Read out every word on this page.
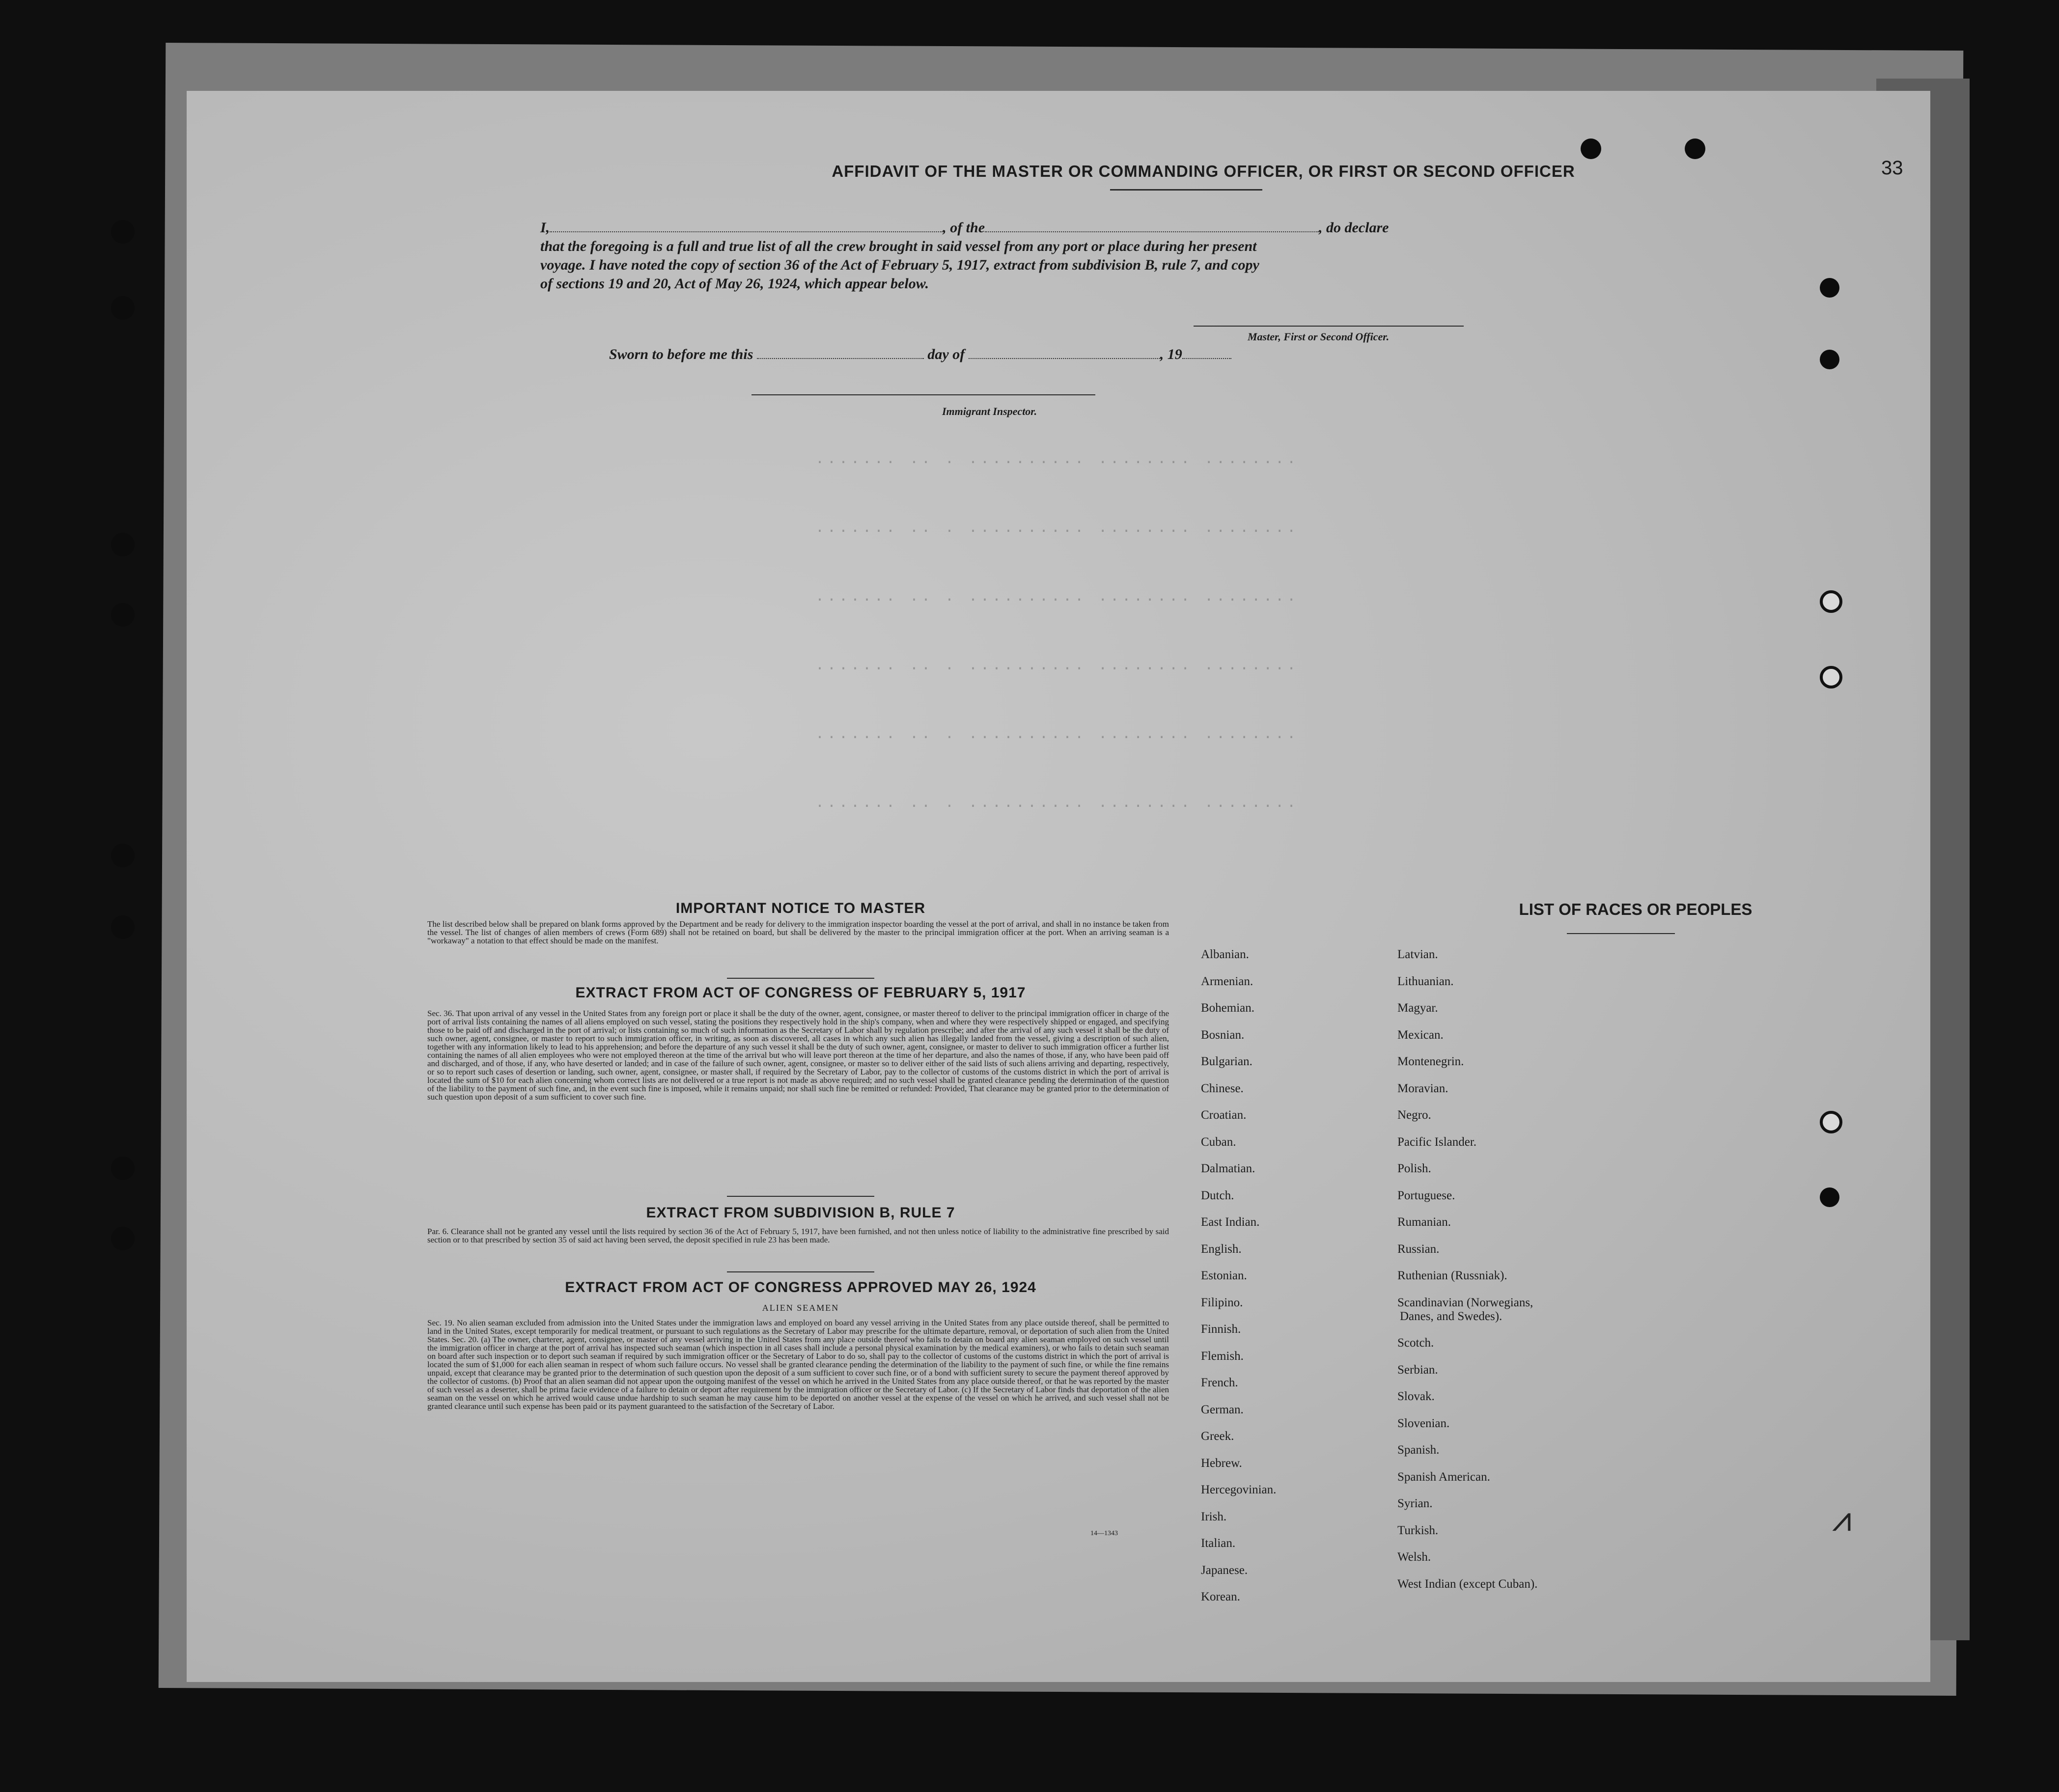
······· ·· · ·········· ········ ········
······· ·· · ·········· ········ ········
······· ·· · ·········· ········ ········
······· ·· · ·········· ········ ········
······· ·· · ·········· ········ ········
······· ·· · ·········· ········ ········
AFFIDAVIT OF THE MASTER OR COMMANDING OFFICER, OR FIRST OR SECOND OFFICER
I,	, of the	, do declare
that the foregoing is a full and true list of all the crew brought in said vessel from any port or place during her present
voyage. I have noted the copy of section 36 of the Act of February 5, 1917, extract from subdivision B, rule 7, and copy
of sections 19 and 20, Act of May 26, 1924, which appear below.
Master, First or Second Officer.
Sworn to before me this	day of	, 19
Immigrant Inspector.
IMPORTANT NOTICE TO MASTER
The list described below shall be prepared on blank forms approved by the Department and be ready for delivery to the immigration inspector boarding the vessel at the port of arrival, and shall in no instance be taken from the vessel. The list of changes of alien members of crews (Form 689) shall not be retained on board, but shall be delivered by the master to the principal immigration officer at the port. When an arriving seaman is a "workaway" a notation to that effect should be made on the manifest.
EXTRACT FROM ACT OF CONGRESS OF FEBRUARY 5, 1917
Sec. 36. That upon arrival of any vessel in the United States from any foreign port or place it shall be the duty of the owner, agent, consignee, or master thereof to deliver to the principal immigration officer in charge of the port of arrival lists containing the names of all aliens employed on such vessel, stating the positions they respectively hold in the ship's company, when and where they were respectively shipped or engaged, and specifying those to be paid off and discharged in the port of arrival; or lists containing so much of such information as the Secretary of Labor shall by regulation prescribe; and after the arrival of any such vessel it shall be the duty of such owner, agent, consignee, or master to report to such immigration officer, in writing, as soon as discovered, all cases in which any such alien has illegally landed from the vessel, giving a description of such alien, together with any information likely to lead to his apprehension; and before the departure of any such vessel it shall be the duty of such owner, agent, consignee, or master to deliver to such immigration officer a further list containing the names of all alien employees who were not employed thereon at the time of the arrival but who will leave port thereon at the time of her departure, and also the names of those, if any, who have been paid off and discharged, and of those, if any, who have deserted or landed; and in case of the failure of such owner, agent, consignee, or master so to deliver either of the said lists of such aliens arriving and departing, respectively, or so to report such cases of desertion or landing, such owner, agent, consignee, or master shall, if required by the Secretary of Labor, pay to the collector of customs of the customs district in which the port of arrival is located the sum of $10 for each alien concerning whom correct lists are not delivered or a true report is not made as above required; and no such vessel shall be granted clearance pending the determination of the question of the liability to the payment of such fine, and, in the event such fine is imposed, while it remains unpaid; nor shall such fine be remitted or refunded: Provided, That clearance may be granted prior to the determination of such question upon deposit of a sum sufficient to cover such fine.
EXTRACT FROM SUBDIVISION B, RULE 7
Par. 6. Clearance shall not be granted any vessel until the lists required by section 36 of the Act of February 5, 1917, have been furnished, and not then unless notice of liability to the administrative fine prescribed by said section or to that prescribed by section 35 of said act having been served, the deposit specified in rule 23 has been made.
EXTRACT FROM ACT OF CONGRESS APPROVED MAY 26, 1924
ALIEN SEAMEN
Sec. 19. No alien seaman excluded from admission into the United States under the immigration laws and employed on board any vessel arriving in the United States from any place outside thereof, shall be permitted to land in the United States, except temporarily for medical treatment, or pursuant to such regulations as the Secretary of Labor may prescribe for the ultimate departure, removal, or deportation of such alien from the United States. Sec. 20. (a) The owner, charterer, agent, consignee, or master of any vessel arriving in the United States from any place outside thereof who fails to detain on board any alien seaman employed on such vessel until the immigration officer in charge at the port of arrival has inspected such seaman (which inspection in all cases shall include a personal physical examination by the medical examiners), or who fails to detain such seaman on board after such inspection or to deport such seaman if required by such immigration officer or the Secretary of Labor to do so, shall pay to the collector of customs of the customs district in which the port of arrival is located the sum of $1,000 for each alien seaman in respect of whom such failure occurs. No vessel shall be granted clearance pending the determination of the liability to the payment of such fine, or while the fine remains unpaid, except that clearance may be granted prior to the determination of such question upon the deposit of a sum sufficient to cover such fine, or of a bond with sufficient surety to secure the payment thereof approved by the collector of customs. (b) Proof that an alien seaman did not appear upon the outgoing manifest of the vessel on which he arrived in the United States from any place outside thereof, or that he was reported by the master of such vessel as a deserter, shall be prima facie evidence of a failure to detain or deport after requirement by the immigration officer or the Secretary of Labor. (c) If the Secretary of Labor finds that deportation of the alien seaman on the vessel on which he arrived would cause undue hardship to such seaman he may cause him to be deported on another vessel at the expense of the vessel on which he arrived, and such vessel shall not be granted clearance until such expense has been paid or its payment guaranteed to the satisfaction of the Secretary of Labor.
14—1343
LIST OF RACES OR PEOPLES
⩘
Albanian.
Armenian.
Bohemian.
Bosnian.
Bulgarian.
Chinese.
Croatian.
Cuban.
Dalmatian.
Dutch.
East Indian.
English.
Estonian.
Filipino.
Finnish.
Flemish.
French.
German.
Greek.
Hebrew.
Hercegovinian.
Irish.
Italian.
Japanese.
Korean.
Latvian.
Lithuanian.
Magyar.
Mexican.
Montenegrin.
Moravian.
Negro.
Pacific Islander.
Polish.
Portuguese.
Rumanian.
Russian.
Ruthenian (Russniak).
Scandinavian (Norwegians,
Danes, and Swedes).
Scotch.
Serbian.
Slovak.
Slovenian.
Spanish.
Spanish American.
Syrian.
Turkish.
Welsh.
West Indian (except Cuban).
33
